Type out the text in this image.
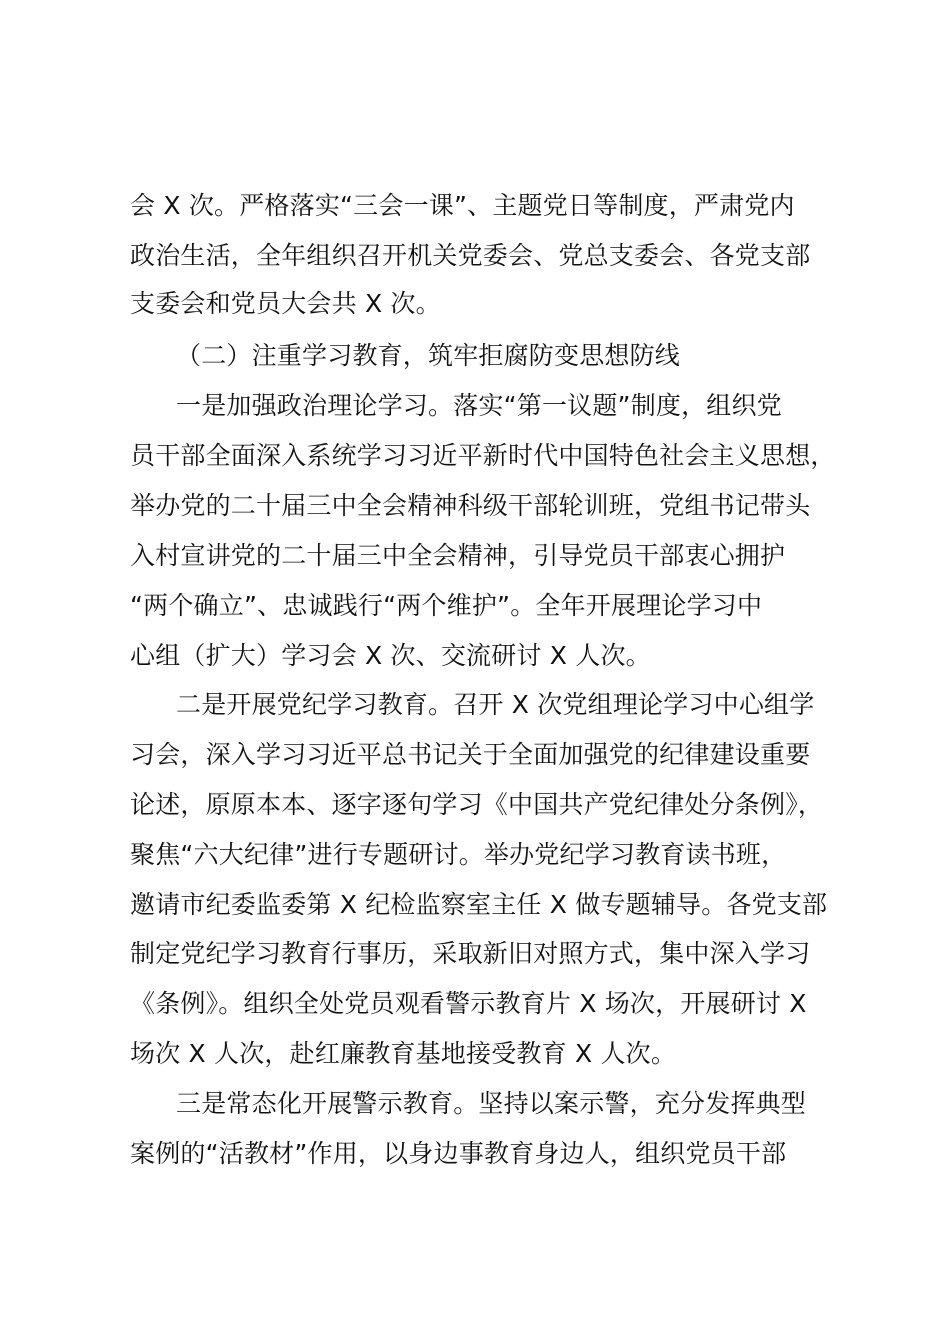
会 X 次。严格落实“三会一课”、主题党日等制度，严肃党内
政治生活，全年组织召开机关党委会、党总支委会、各党支部
支委会和党员大会共 X 次。
（二）注重学习教育，筑牢拒腐防变思想防线
一是加强政治理论学习。落实“第一议题”制度，组织党
员干部全面深入系统学习习近平新时代中国特色社会主义思想，
举办党的二十届三中全会精神科级干部轮训班，党组书记带头
入村宣讲党的二十届三中全会精神，引导党员干部衷心拥护
“两个确立”、忠诚践行“两个维护”。全年开展理论学习中
心组（扩大）学习会 X 次、交流研讨 X 人次。
二是开展党纪学习教育。召开 X 次党组理论学习中心组学
习会，深入学习习近平总书记关于全面加强党的纪律建设重要
论述，原原本本、逐字逐句学习《中国共产党纪律处分条例》，
聚焦“六大纪律”进行专题研讨。举办党纪学习教育读书班，
邀请市纪委监委第 X 纪检监察室主任 X 做专题辅导。各党支部
制定党纪学习教育行事历，采取新旧对照方式，集中深入学习
《条例》。组织全处党员观看警示教育片 X 场次，开展研讨 X
场次 X 人次，赴红廉教育基地接受教育 X 人次。
三是常态化开展警示教育。坚持以案示警，充分发挥典型
案例的“活教材”作用，以身边事教育身边人，组织党员干部
